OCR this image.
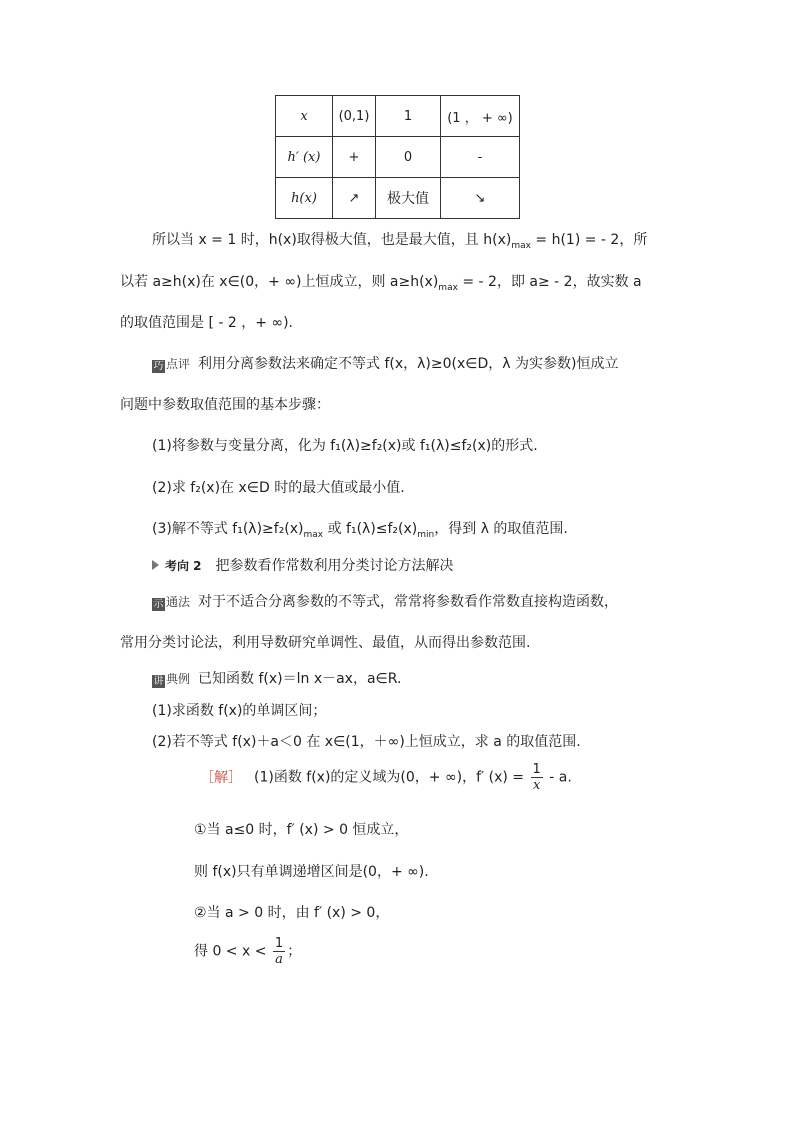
x	(0,1)	1	(1 ， + ∞)
h′ (x)	+	0	-
h(x)	↗	极大值	↘
所以当 x = 1 时，h(x)取得极大值，也是最大值，且 $h(x)_{max} = h(1)$ = - 2，所
以若 a≥h(x)在 x∈(0，+ ∞)上恒成立，则 $a\ge h(x)_{max}$ = - 2，即 a≥ - 2，故实数 a
的取值范围是 [ - 2 ，+ ∞).
巧 点评 利用分离参数法来确定不等式 f(x，λ)≥0(x∈D，λ 为实参数)恒成立
问题中参数取值范围的基本步骤：
(1)将参数与变量分离，化为 f₁(λ)≥f₂(x)或 f₁(λ)≤f₂(x)的形式.
(2)求 f₂(x)在 x∈D 时的最大值或最小值.
(3)解不等式 $f_1(\lambda)\ge f_2(x)_{max}$ 或 $f_1(\lambda)\le f_2(x)_{min}$，得到 λ 的取值范围.
考向 2 把参数看作常数利用分类讨论方法解决
示 通法 对于不适合分离参数的不等式，常常将参数看作常数直接构造函数，
常用分类讨论法，利用导数研究单调性、最值，从而得出参数范围.
讲 典例 已知函数 f(x)＝ln x－ax，a∈R.
(1)求函数 f(x)的单调区间；
(2)若不等式 f(x)＋a＜0 在 x∈(1，＋∞)上恒成立，求 a 的取值范围.
［解］ (1)函数 f(x)的定义域为(0，+ ∞)，f′ $(x) = \frac{1}{x} - a$.
①当 a≤0 时，f′ (x) > 0 恒成立，
则 f(x)只有单调递增区间是(0，+ ∞).
②当 a > 0 时，由 f′ (x) > 0，
得 $0 < x < \frac{1}{a}$ ；
